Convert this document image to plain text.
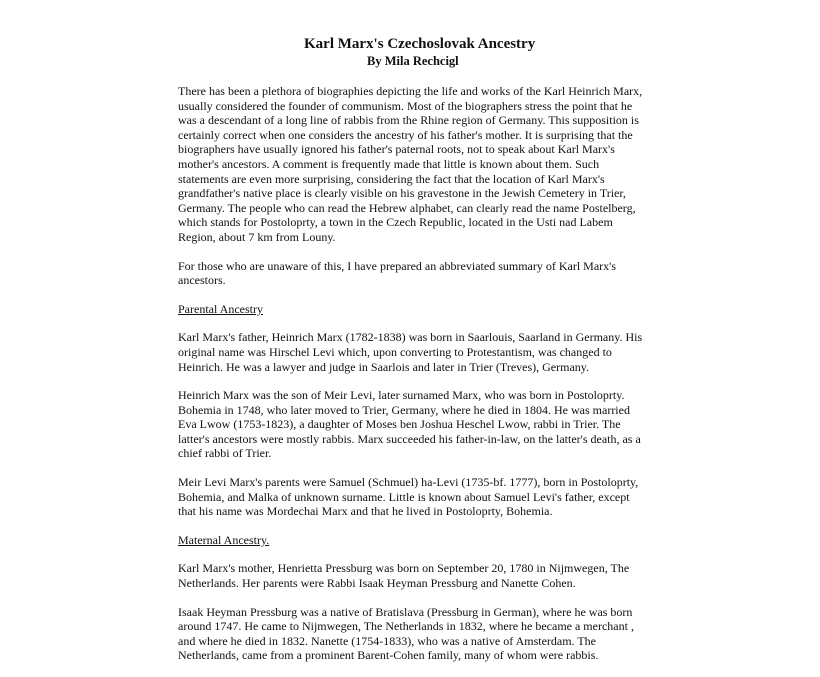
Karl Marx's Czechoslovak Ancestry
By Mila Rechcigl

There has been a plethora of biographies depicting the life and works of the Karl Heinrich Marx, usually considered the founder of communism. Most of the biographers stress the point that he was a descendant of a long line of rabbis from the Rhine region of Germany. This supposition is certainly correct when one considers the ancestry of his father's mother. It is surprising that the biographers have usually ignored his father's paternal roots, not to speak about Karl Marx's mother's ancestors. A comment is frequently made that little is known about them. Such statements are even more surprising, considering the fact that the location of Karl Marx's grandfather's native place is clearly visible on his gravestone in the Jewish Cemetery in Trier, Germany. The people who can read the Hebrew alphabet, can clearly read the name Postelberg, which stands for Postoloprty, a town in the Czech Republic, located in the Usti nad Labem Region, about 7 km from Louny.

For those who are unaware of this, I have prepared an abbreviated summary of Karl Marx's ancestors.

Parental Ancestry

Karl Marx's father, Heinrich Marx (1782-1838) was born in Saarlouis, Saarland in Germany. His original name was Hirschel Levi which, upon converting to Protestantism, was changed to Heinrich. He was a lawyer and judge in Saarlois and later in Trier (Treves), Germany.

Heinrich Marx was the son of Meir Levi, later surnamed Marx, who was born in Postoloprty. Bohemia in 1748, who later moved to Trier, Germany, where he died in 1804. He was married Eva Lwow (1753-1823), a daughter of Moses ben Joshua Heschel Lwow, rabbi in Trier. The latter's ancestors were mostly rabbis. Marx succeeded his father-in-law, on the latter's death, as a chief rabbi of Trier.

Meir Levi Marx's parents were Samuel (Schmuel) ha-Levi (1735-bf. 1777), born in Postoloprty, Bohemia, and Malka of unknown surname. Little is known about Samuel Levi's father, except that his name was Mordechai Marx and that he lived in Postoloprty, Bohemia.

Maternal Ancestry.

Karl Marx's mother, Henrietta Pressburg was born on September 20, 1780 in Nijmwegen, The Netherlands. Her parents were Rabbi Isaak Heyman Pressburg and Nanette Cohen.

Isaak Heyman Pressburg was a native of Bratislava (Pressburg in German), where he was born around 1747. He came to Nijmwegen, The Netherlands in 1832, where he became a merchant , and where he died in 1832. Nanette (1754-1833), who was a native of Amsterdam. The Netherlands, came from a prominent Barent-Cohen family, many of whom were rabbis.
